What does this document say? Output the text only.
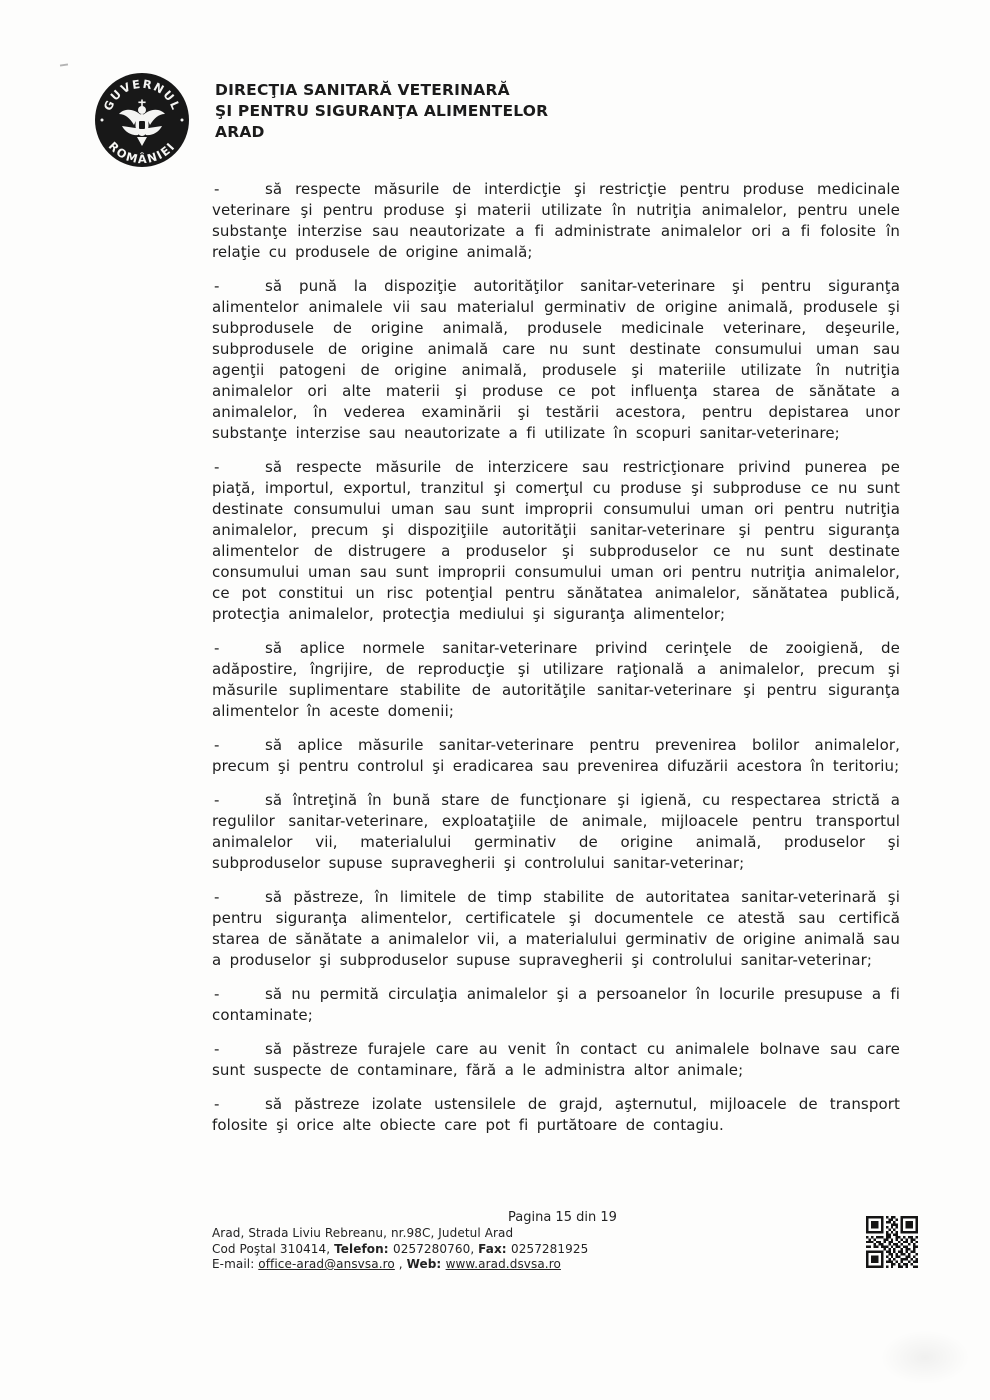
GUVERNUL
ROMÂNIEI
DIRECŢIA SANITARĂ VETERINARĂ
ŞI PENTRU SIGURANŢA ALIMENTELOR
ARAD
-	să respecte măsurile de interdicţie şi restricţie pentru produse medicinale veterinare şi pentru produse şi materii utilizate în nutriţia animalelor, pentru unele substanţe interzise sau neautorizate a fi administrate animalelor ori a fi folosite în relaţie cu produsele de origine animală;
-	să pună la dispoziţie autorităţilor sanitar-veterinare şi pentru siguranţa alimentelor animalele vii sau materialul germinativ de origine animală, produsele şi subprodusele de origine animală, produsele medicinale veterinare, deşeurile, subprodusele de origine animală care nu sunt destinate consumului uman sau agenţii patogeni de origine animală, produsele şi materiile utilizate în nutriţia animalelor ori alte materii şi produse ce pot influenţa starea de sănătate a animalelor, în vederea examinării şi testării acestora, pentru depistarea unor substanţe interzise sau neautorizate a fi utilizate în scopuri sanitar-veterinare;
-	să respecte măsurile de interzicere sau restricţionare privind punerea pe piaţă, importul, exportul, tranzitul şi comerţul cu produse şi subproduse ce nu sunt destinate consumului uman sau sunt improprii consumului uman ori pentru nutriţia animalelor, precum şi dispoziţiile autorităţii sanitar-veterinare şi pentru siguranţa alimentelor de distrugere a produselor şi subproduselor ce nu sunt destinate consumului uman sau sunt improprii consumului uman ori pentru nutriţia animalelor, ce pot constitui un risc potenţial pentru sănătatea animalelor, sănătatea publică, protecţia animalelor, protecţia mediului şi siguranţa alimentelor;
-	să aplice normele sanitar-veterinare privind cerinţele de zooigienă, de adăpostire, îngrijire, de reproducţie şi utilizare raţională a animalelor, precum şi măsurile suplimentare stabilite de autorităţile sanitar-veterinare şi pentru siguranţa alimentelor în aceste domenii;
-	să aplice măsurile sanitar-veterinare pentru prevenirea bolilor animalelor, precum şi pentru controlul şi eradicarea sau prevenirea difuzării acestora în teritoriu;
-	să întreţină în bună stare de funcţionare şi igienă, cu respectarea strictă a regulilor sanitar-veterinare, exploataţiile de animale, mijloacele pentru transportul animalelor vii, materialului germinativ de origine animală, produselor şi subproduselor supuse supravegherii şi controlului sanitar-veterinar;
-	să păstreze, în limitele de timp stabilite de autoritatea sanitar-veterinară şi pentru siguranţa alimentelor, certificatele şi documentele ce atestă sau certifică starea de sănătate a animalelor vii, a materialului germinativ de origine animală sau a produselor şi subproduselor supuse supravegherii şi controlului sanitar-veterinar;
-	să nu permită circulaţia animalelor şi a persoanelor în locurile presupuse a fi contaminate;
-	să păstreze furajele care au venit în contact cu animalele bolnave sau care sunt suspecte de contaminare, fără a le administra altor animale;
-	să păstreze izolate ustensilele de grajd, aşternutul, mijloacele de transport folosite şi orice alte obiecte care pot fi purtătoare de contagiu.
Pagina 15 din 19
Arad, Strada Liviu Rebreanu, nr.98C, Judetul Arad
Cod Poştal 310414, Telefon: 0257280760, Fax: 0257281925
E-mail: office-arad@ansvsa.ro , Web: www.arad.dsvsa.ro
